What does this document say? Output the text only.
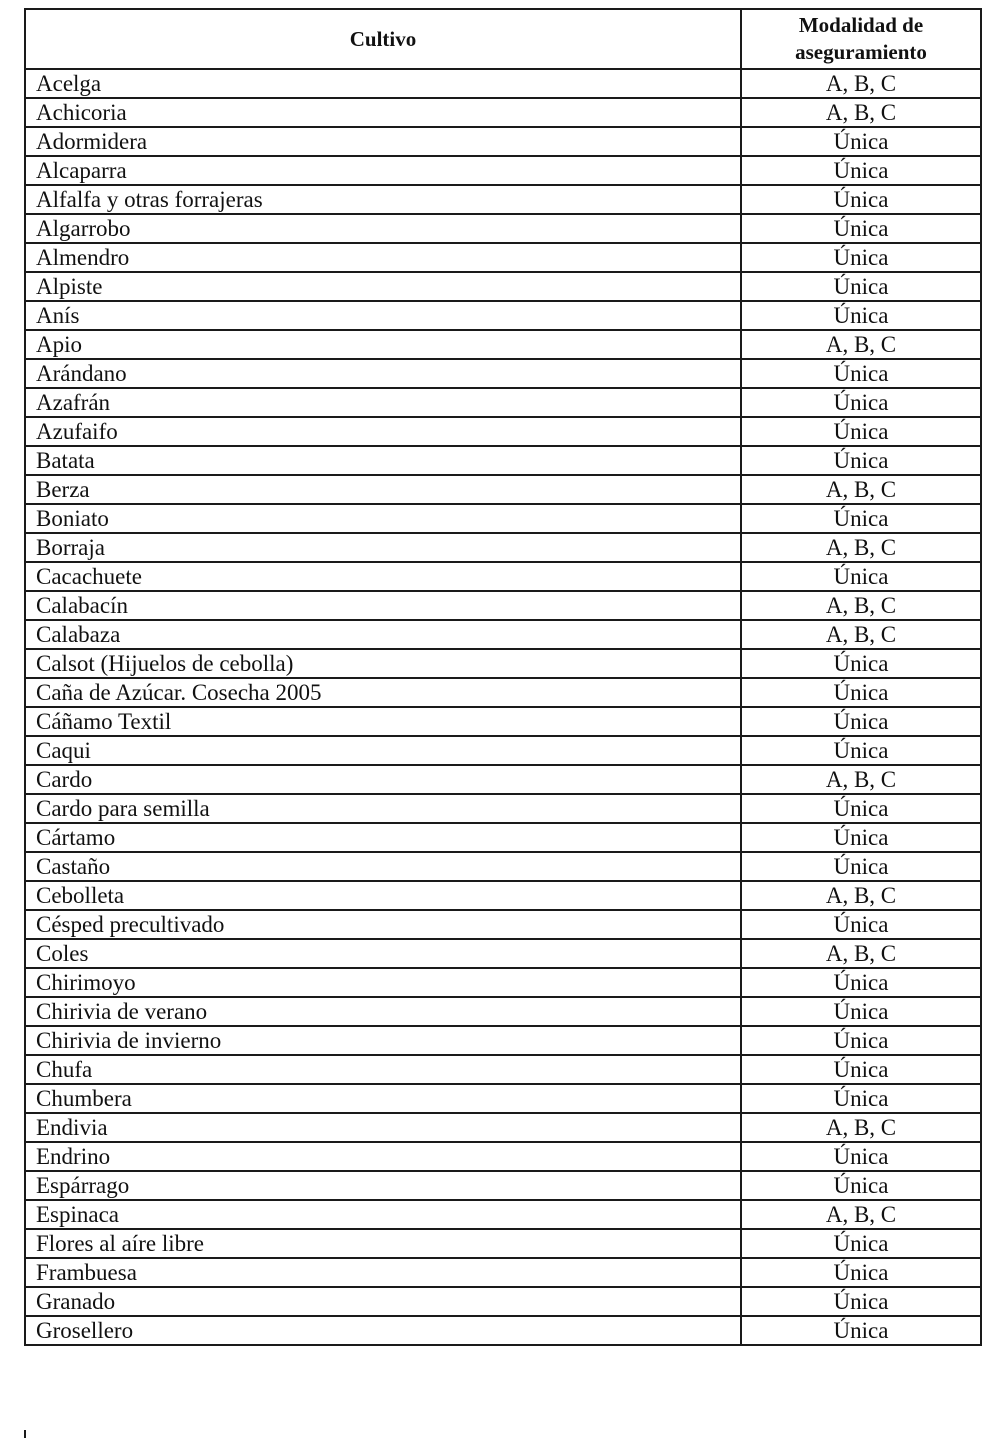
Cultivo	Modalidad de
aseguramiento
Acelga	A, B, C
Achicoria	A, B, C
Adormidera	Única
Alcaparra	Única
Alfalfa y otras forrajeras	Única
Algarrobo	Única
Almendro	Única
Alpiste	Única
Anís	Única
Apio	A, B, C
Arándano	Única
Azafrán	Única
Azufaifo	Única
Batata	Única
Berza	A, B, C
Boniato	Única
Borraja	A, B, C
Cacachuete	Única
Calabacín	A, B, C
Calabaza	A, B, C
Calsot (Hijuelos de cebolla)	Única
Caña de Azúcar. Cosecha 2005	Única
Cáñamo Textil	Única
Caqui	Única
Cardo	A, B, C
Cardo para semilla	Única
Cártamo	Única
Castaño	Única
Cebolleta	A, B, C
Césped precultivado	Única
Coles	A, B, C
Chirimoyo	Única
Chirivia de verano	Única
Chirivia de invierno	Única
Chufa	Única
Chumbera	Única
Endivia	A, B, C
Endrino	Única
Espárrago	Única
Espinaca	A, B, C
Flores al aíre libre	Única
Frambuesa	Única
Granado	Única
Grosellero	Única
